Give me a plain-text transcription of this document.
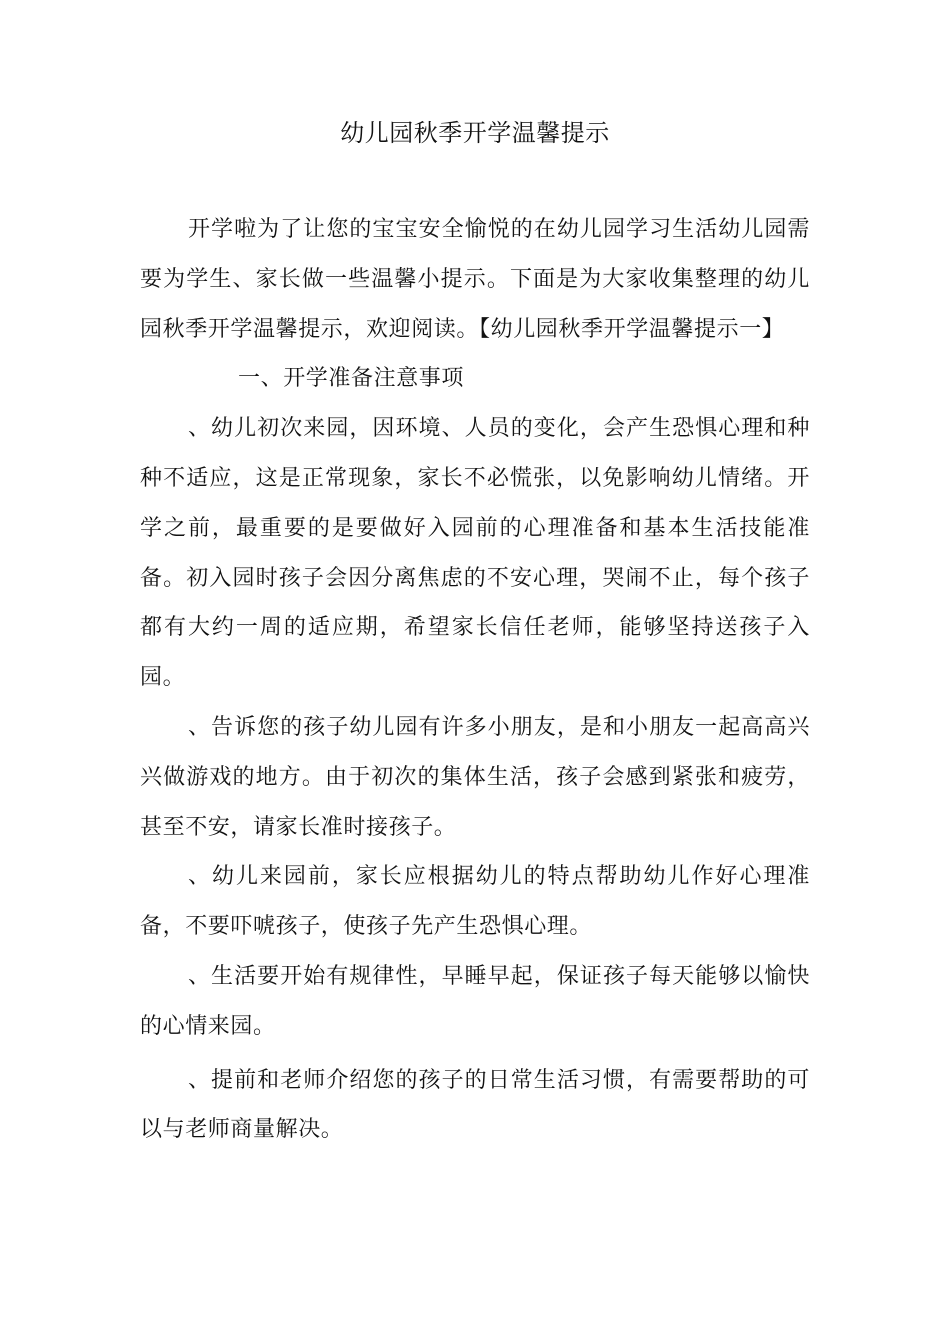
幼儿园秋季开学温馨提示

开学啦为了让您的宝宝安全愉悦的在幼儿园学习生活幼儿园需要为学生、家长做一些温馨小提示。下面是为大家收集整理的幼儿园秋季开学温馨提示，欢迎阅读。【幼儿园秋季开学温馨提示一】

一、开学准备注意事项

、幼儿初次来园，因环境、人员的变化，会产生恐惧心理和种种不适应，这是正常现象，家长不必慌张，以免影响幼儿情绪。开学之前，最重要的是要做好入园前的心理准备和基本生活技能准备。初入园时孩子会因分离焦虑的不安心理，哭闹不止，每个孩子都有大约一周的适应期，希望家长信任老师，能够坚持送孩子入园。

、告诉您的孩子幼儿园有许多小朋友，是和小朋友一起高高兴兴做游戏的地方。由于初次的集体生活，孩子会感到紧张和疲劳，甚至不安，请家长准时接孩子。

、幼儿来园前，家长应根据幼儿的特点帮助幼儿作好心理准备，不要吓唬孩子，使孩子先产生恐惧心理。

、生活要开始有规律性，早睡早起，保证孩子每天能够以愉快的心情来园。

、提前和老师介绍您的孩子的日常生活习惯，有需要帮助的可以与老师商量解决。
